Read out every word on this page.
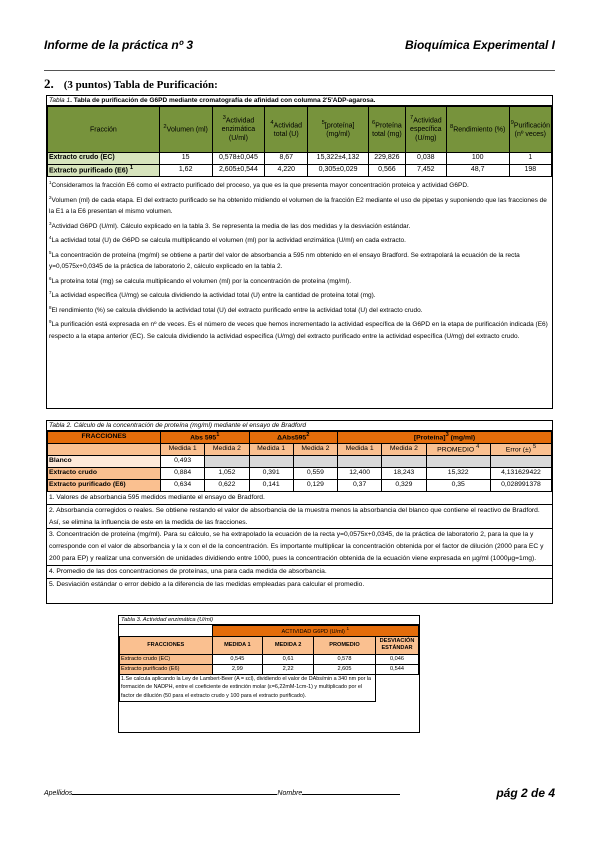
Informe de la práctica nº 3	Bioquímica Experimental I
2. (3 puntos) Tabla de Purificación:
Tabla 1. Tabla de purificación de G6PD mediante cromatografía de afinidad con columna 2'5'ADP-agarosa.
Fracción	$^2$Volumen (ml)	$^3$Actividad enzimática (U/ml)	$^4$Actividad total (U)	$^5$[proteína] (mg/ml)	$^6$Proteína total (mg)	$^7$Actividad específica (U/mg)	$^8$Rendimiento (%)	$^9$Purificación (nº veces)
Extracto crudo (EC)	15	0,578±0,045	8,67	15,322±4,132	229,826	0,038	100	1
Extracto purificado (E6) $^1$	1,62	2,605±0,544	4,220	0,305±0,029	0,566	7,452	48,7	198
$^1$Consideramos la fracción E6 como el extracto purificado del proceso, ya que es la que presenta mayor concentración proteica y actividad G6PD.
$^2$Volumen (ml) de cada etapa. El del extracto purificado se ha obtenido midiendo el volumen de la fracción E2 mediante el uso de pipetas y suponiendo que las fracciones de la E1 a la E6 presentan el mismo volumen.
$^3$Actividad G6PD (U/ml). Cálculo explicado en la tabla 3. Se representa la media de las dos medidas y la desviación estándar.
$^4$La actividad total (U) de G6PD se calcula multiplicando el volumen (ml) por la actividad enzimática (U/ml) en cada extracto.
$^5$La concentración de proteína (mg/ml) se obtiene a partir del valor de absorbancia a 595 nm obtenido en el ensayo Bradford. Se extrapolará la ecuación de la recta y=0,0575x+0,0345 de la práctica de laboratorio 2, cálculo explicado en la tabla 2.
$^6$La proteína total (mg) se calcula multiplicando el volumen (ml) por la concentración de proteína (mg/ml).
$^7$La actividad específica (U/mg) se calcula dividiendo la actividad total (U) entre la cantidad de proteína total (mg).
$^8$El rendimiento (%) se calcula dividiendo la actividad total (U) del extracto purificado entre la actividad total (U) del extracto crudo.
$^9$La purificación está expresada en nº de veces. Es el número de veces que hemos incrementado la actividad específica de la G6PD en la etapa de purificación indicada (E6) respecto a la etapa anterior (EC). Se calcula dividiendo la actividad específica (U/mg) del extracto purificado entre la actividad específica (U/mg) del extracto crudo.
Tabla 2. Cálculo de la concentración de proteína (mg/ml) mediante el ensayo de Bradford
FRACCIONES	Abs $595^1$		$\Delta Abs595^2$		[Proteína]$^3$ (mg/ml)			
	Medida 1	Medida 2	Medida 1	Medida 2	Medida 1	Medida 2	PROMEDIO $^4$	Error (±) $^5$
Blanco	0,493							
Extracto crudo	0,884	1,052	0,391	0,559	12,400	18,243	15,322	4,131629422
Extracto purificado (E6)	0,634	0,622	0,141	0,129	0,37	0,329	0,35	0,028991378
1. Valores de absorbancia 595 medidos mediante el ensayo de Bradford.
2. Absorbancia corregidos o reales. Se obtiene restando el valor de absorbancia de la muestra menos la absorbancia del blanco que contiene el reactivo de Bradford. Así, se elimina la influencia de este en la medida de las fracciones.
3. Concentración de proteína (mg/ml). Para su cálculo, se ha extrapolado la ecuación de la recta y=0,0575x+0,0345, de la práctica de laboratorio 2, para la que la y corresponde con el valor de absorbancia y la x con el de la concentración. Es importante multiplicar la concentración obtenida por el factor de dilución (2000 para EC y 200 para EP) y realizar una conversión de unidades dividiendo entre 1000, pues la concentración obtenida de la ecuación viene expresada en µg/ml (1000µg=1mg).
4. Promedio de las dos concentraciones de proteínas, una para cada medida de absorbancia.
5. Desviación estándar o error debido a la diferencia de las medidas empleadas para calcular el promedio.
Tabla 3. Actividad enzimática (U/ml)
	ACTIVIDAD G6PD (U/ml) $^1$
FRACCIONES	MEDIDA 1	MEDIDA 2	PROMEDIO	DESVIACIÓN ESTÁNDAR
Extracto crudo (EC)	0,545	0,61	0,578	0,046
Extracto purificado (E6)	2,99	2,22	2,605	0,544
1.Se calcula aplicando la Ley de Lambert-Beer (A = εcl), dividiendo el valor de DAbs/min a 340 nm por la formación de NADPH, entre el coeficiente de extinción molar (ε=6,22mM-1cm-1) y multiplicado por el factor de dilución (50 para el extracto crudo y 100 para el extracto purificado).				
Apellidos	Nombre	pág 2 de 4
